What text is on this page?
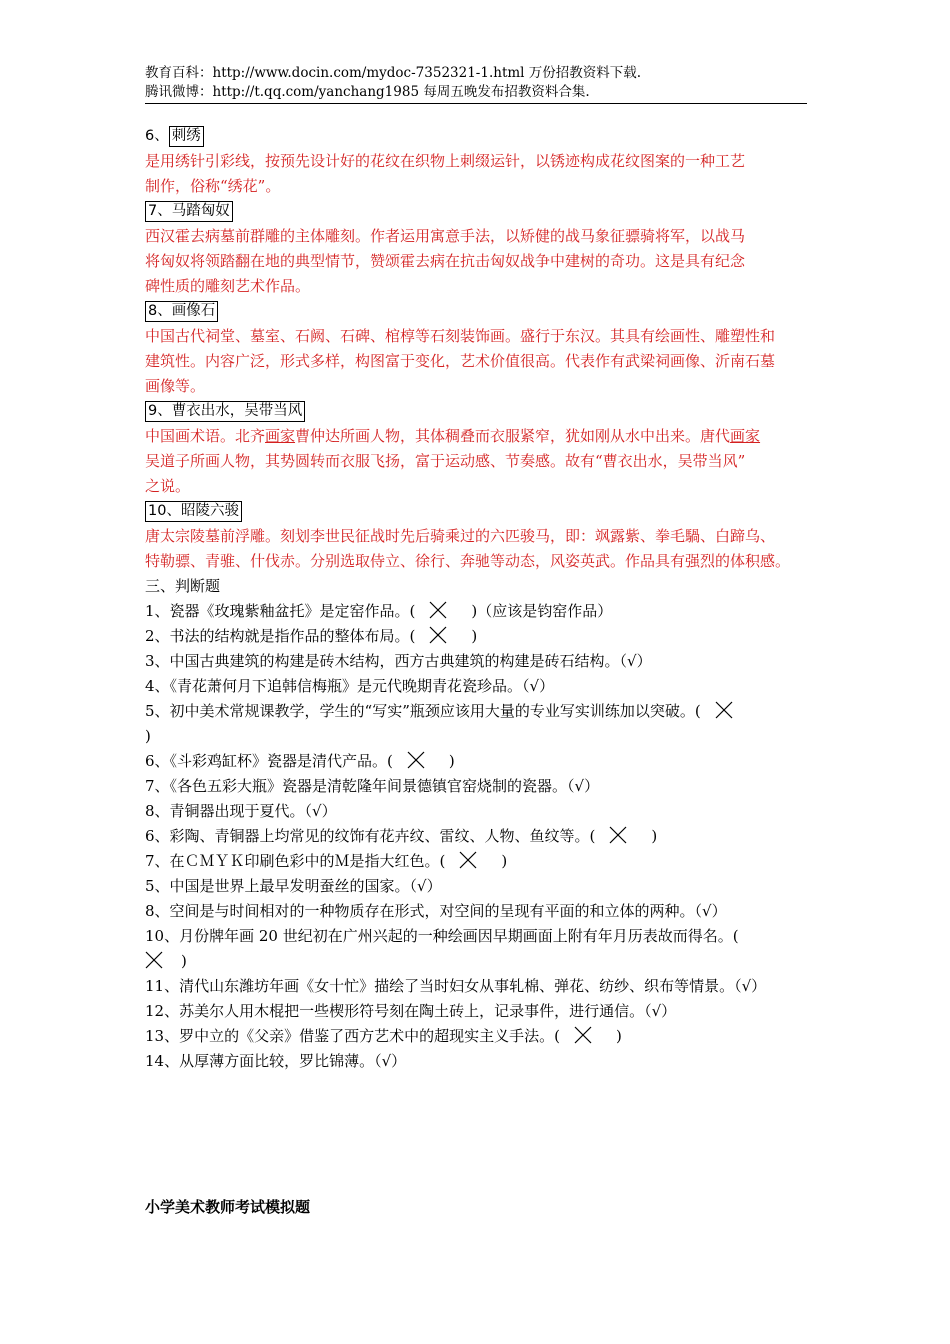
教育百科：http://www.docin.com/mydoc-7352321-1.html 万份招教资料下载.
腾讯微博：http://t.qq.com/yanchang1985 每周五晚发布招教资料合集.
6、 刺绣
是用绣针引彩线，按预先设计好的花纹在织物上刺缀运针，以锈迹构成花纹图案的一种工艺
制作，俗称“绣花”。
7、马踏匈奴
西汉霍去病墓前群雕的主体雕刻。作者运用寓意手法，以矫健的战马象征骠骑将军，以战马
将匈奴将领踏翻在地的典型情节，赞颂霍去病在抗击匈奴战争中建树的奇功。这是具有纪念
碑性质的雕刻艺术作品。
8、画像石
中国古代祠堂、墓室、石阙、石碑、棺椁等石刻装饰画。盛行于东汉。其具有绘画性、雕塑性和
建筑性。内容广泛，形式多样，构图富于变化，艺术价值很高。代表作有武梁祠画像、沂南石墓
画像等。
9、曹衣出水，吴带当风
中国画术语。北齐画家曹仲达所画人物，其体稠叠而衣服紧窄，犹如刚从水中出来。唐代画家
吴道子所画人物，其势圆转而衣服飞扬，富于运动感、节奏感。故有“曹衣出水，吴带当风”
之说。
10、昭陵六骏
唐太宗陵墓前浮雕。刻划李世民征战时先后骑乘过的六匹骏马，即：飒露紫、拳毛騧、白蹄乌、
特勒骠、青骓、什伐赤。分别选取侍立、徐行、奔驰等动态，风姿英武。作品具有强烈的体积感。
三、判断题
1、瓷器《玫瑰紫釉盆托》是定窑作品。(	)（应该是钧窑作品）
2、书法的结构就是指作品的整体布局。(	)
3、中国古典建筑的构建是砖木结构，西方古典建筑的构建是砖石结构。（√）
4、《青花萧何月下追韩信梅瓶》是元代晚期青花瓷珍品。（√）
5、初中美术常规课教学，学生的“写实”瓶颈应该用大量的专业写实训练加以突破。(

)
6、《斗彩鸡缸杯》瓷器是清代产品。(	)
7、《各色五彩大瓶》瓷器是清乾隆年间景德镇官窑烧制的瓷器。（√）
8、青铜器出现于夏代。（√）
6、彩陶、青铜器上均常见的纹饰有花卉纹、雷纹、人物、鱼纹等。(	)
7、在ＣＭＹＫ印刷色彩中的Ｍ是指大红色。(	)
5、中国是世界上最早发明蚕丝的国家。（√）
8、空间是与时间相对的一种物质存在形式，对空间的呈现有平面的和立体的两种。（√）
10、月份牌年画 20 世纪初在广州兴起的一种绘画因早期画面上附有年月历表故而得名。(

)
11、清代山东潍坊年画《女十忙》描绘了当时妇女从事轧棉、弹花、纺纱、织布等情景。（√）
12、苏美尔人用木棍把一些楔形符号刻在陶土砖上，记录事件，进行通信。（√）
13、罗中立的《父亲》借鉴了西方艺术中的超现实主义手法。(	)
14、从厚薄方面比较，罗比锦薄。（√）
小学美术教师考试模拟题
